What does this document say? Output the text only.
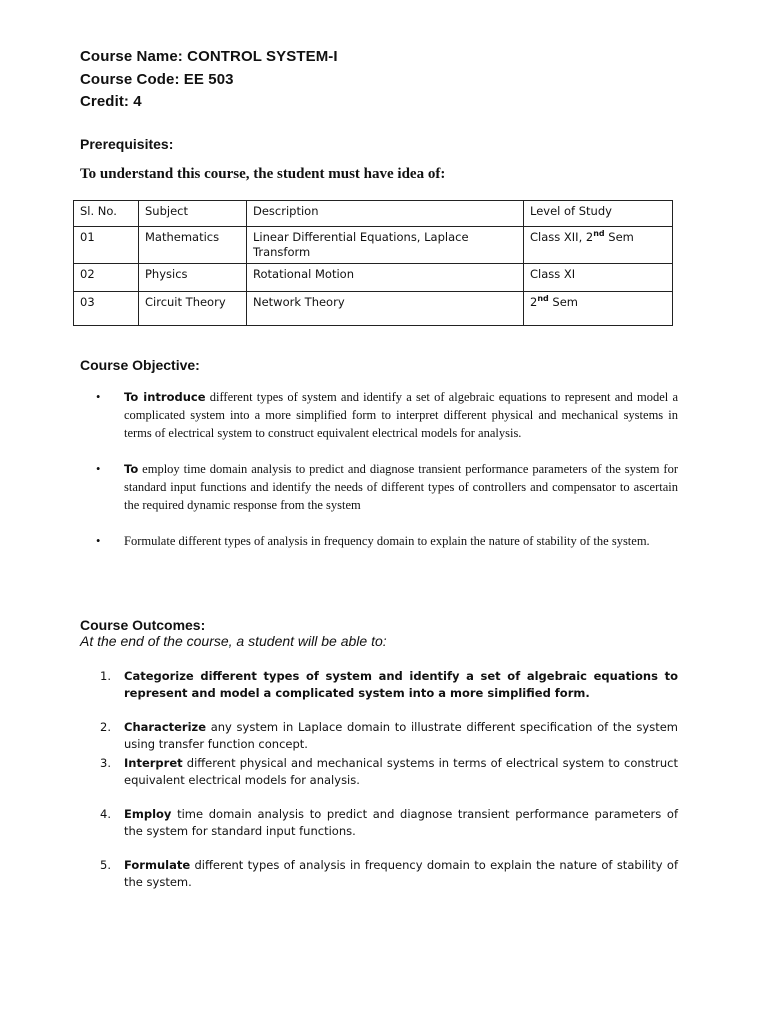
Course Name: CONTROL SYSTEM-I
Course Code: EE 503
Credit: 4
Prerequisites:
To understand this course, the student must have idea of:
Sl. No.	Subject	Description	Level of Study
01	Mathematics	Linear Differential Equations, Laplace Transform	Class XII, 2nd Sem
02	Physics	Rotational Motion	Class XI
03	Circuit Theory	Network Theory	2nd Sem
Course Objective:
• To introduce different types of system and identify a set of algebraic equations to represent and model a complicated system into a more simplified form to interpret different physical and mechanical systems in terms of electrical system to construct equivalent electrical models for analysis.
• To employ time domain analysis to predict and diagnose transient performance parameters of the system for standard input functions and identify the needs of different types of controllers and compensator to ascertain the required dynamic response from the system
• Formulate different types of analysis in frequency domain to explain the nature of stability of the system.
Course Outcomes:
At the end of the course, a student will be able to:
1. Categorize different types of system and identify a set of algebraic equations to represent and model a complicated system into a more simplified form.
2. Characterize any system in Laplace domain to illustrate different specification of the system using transfer function concept.
3. Interpret different physical and mechanical systems in terms of electrical system to construct equivalent electrical models for analysis.
4. Employ time domain analysis to predict and diagnose transient performance parameters of the system for standard input functions.
5. Formulate different types of analysis in frequency domain to explain the nature of stability of the system.
